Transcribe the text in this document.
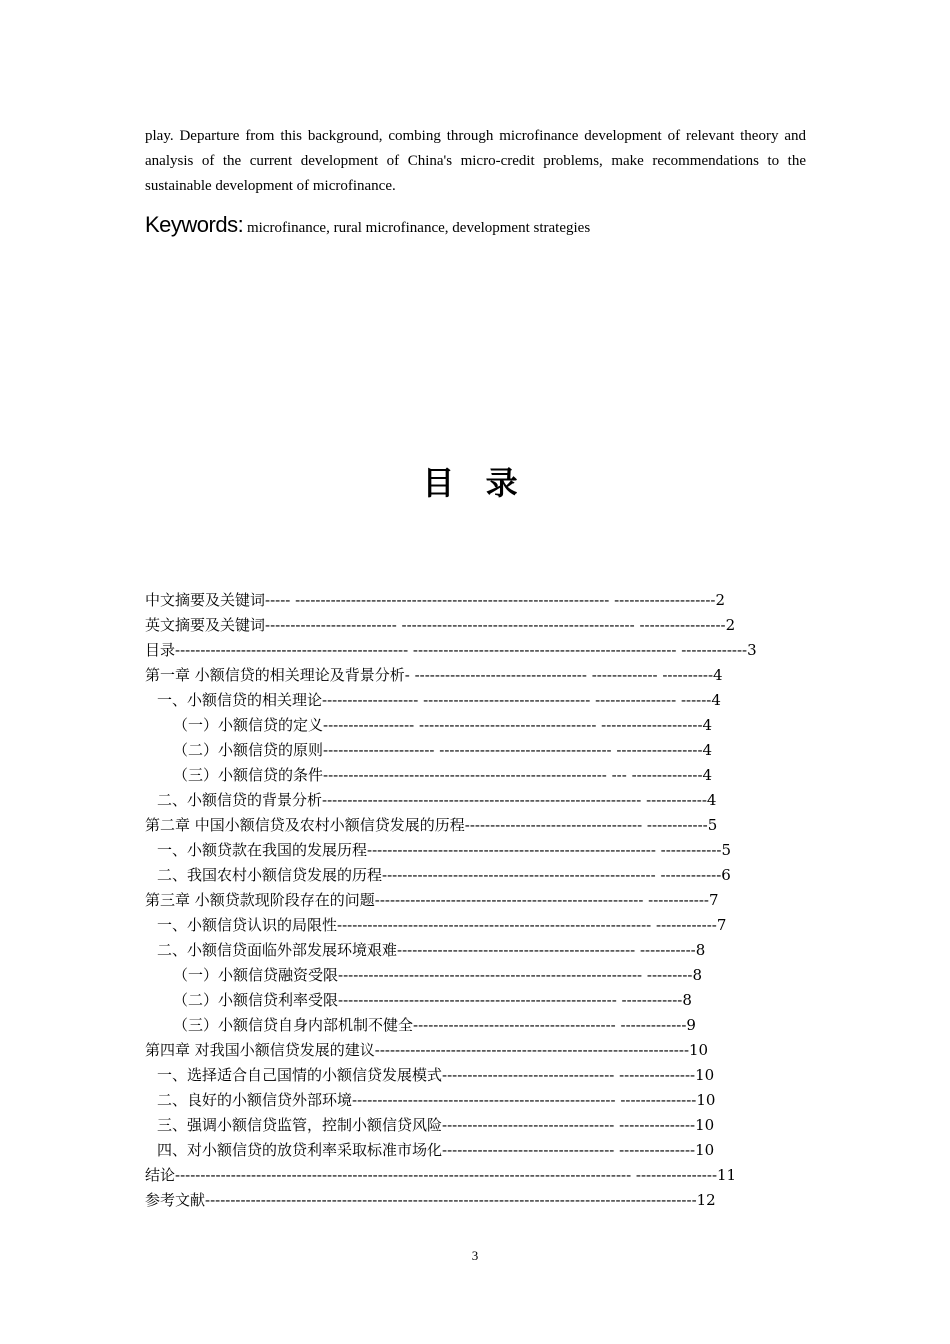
play. Departure from this background, combing through microfinance development of relevant theory and analysis of the current development of China's micro-credit problems, make recommendations to the sustainable development of microfinance.

Keywords: microfinance, rural microfinance, development strategies

目 录
中文摘要及关键词----- -------------------------------------------------------------- --------------------2
英文摘要及关键词-------------------------- ---------------------------------------------- -----------------2
目录---------------------------------------------- ---------------------------------------------------- -------------3
第一章 小额信贷的相关理论及背景分析- ---------------------------------- ------------- ----------4
一、小额信贷的相关理论------------------- --------------------------------- ---------------- ------4
（一）小额信贷的定义------------------ ----------------------------------- --------------------4
（二）小额信贷的原则---------------------- ---------------------------------- -----------------4
（三）小额信贷的条件-------------------------------------------------------- --- --------------4
二、小额信贷的背景分析--------------------------------------------------------------- ------------4
第二章 中国小额信贷及农村小额信贷发展的历程----------------------------------- ------------5
一、小额贷款在我国的发展历程--------------------------------------------------------- ------------5
二、我国农村小额信贷发展的历程------------------------------------------------------ ------------6
第三章 小额贷款现阶段存在的问题----------------------------------------------------- ------------7
一、小额信贷认识的局限性-------------------------------------------------------------- ------------7
二、小额信贷面临外部发展环境艰难----------------------------------------------- -----------8
（一）小额信贷融资受限------------------------------------------------------------ ---------8
（二）小额信贷利率受限------------------------------------------------------- ------------8
（三）小额信贷自身内部机制不健全---------------------------------------- -------------9
第四章 对我国小额信贷发展的建议--------------------------------------------------------------10
一、选择适合自己国情的小额信贷发展模式---------------------------------- ---------------10
二、良好的小额信贷外部环境---------------------------------------------------- ---------------10
三、强调小额信贷监管，控制小额信贷风险---------------------------------- ---------------10
四、对小额信贷的放贷利率采取标准市场化---------------------------------- ---------------10
结论------------------------------------------------------------------------------------------ ----------------11
参考文献-------------------------------------------------------------------------------------------------12

3
